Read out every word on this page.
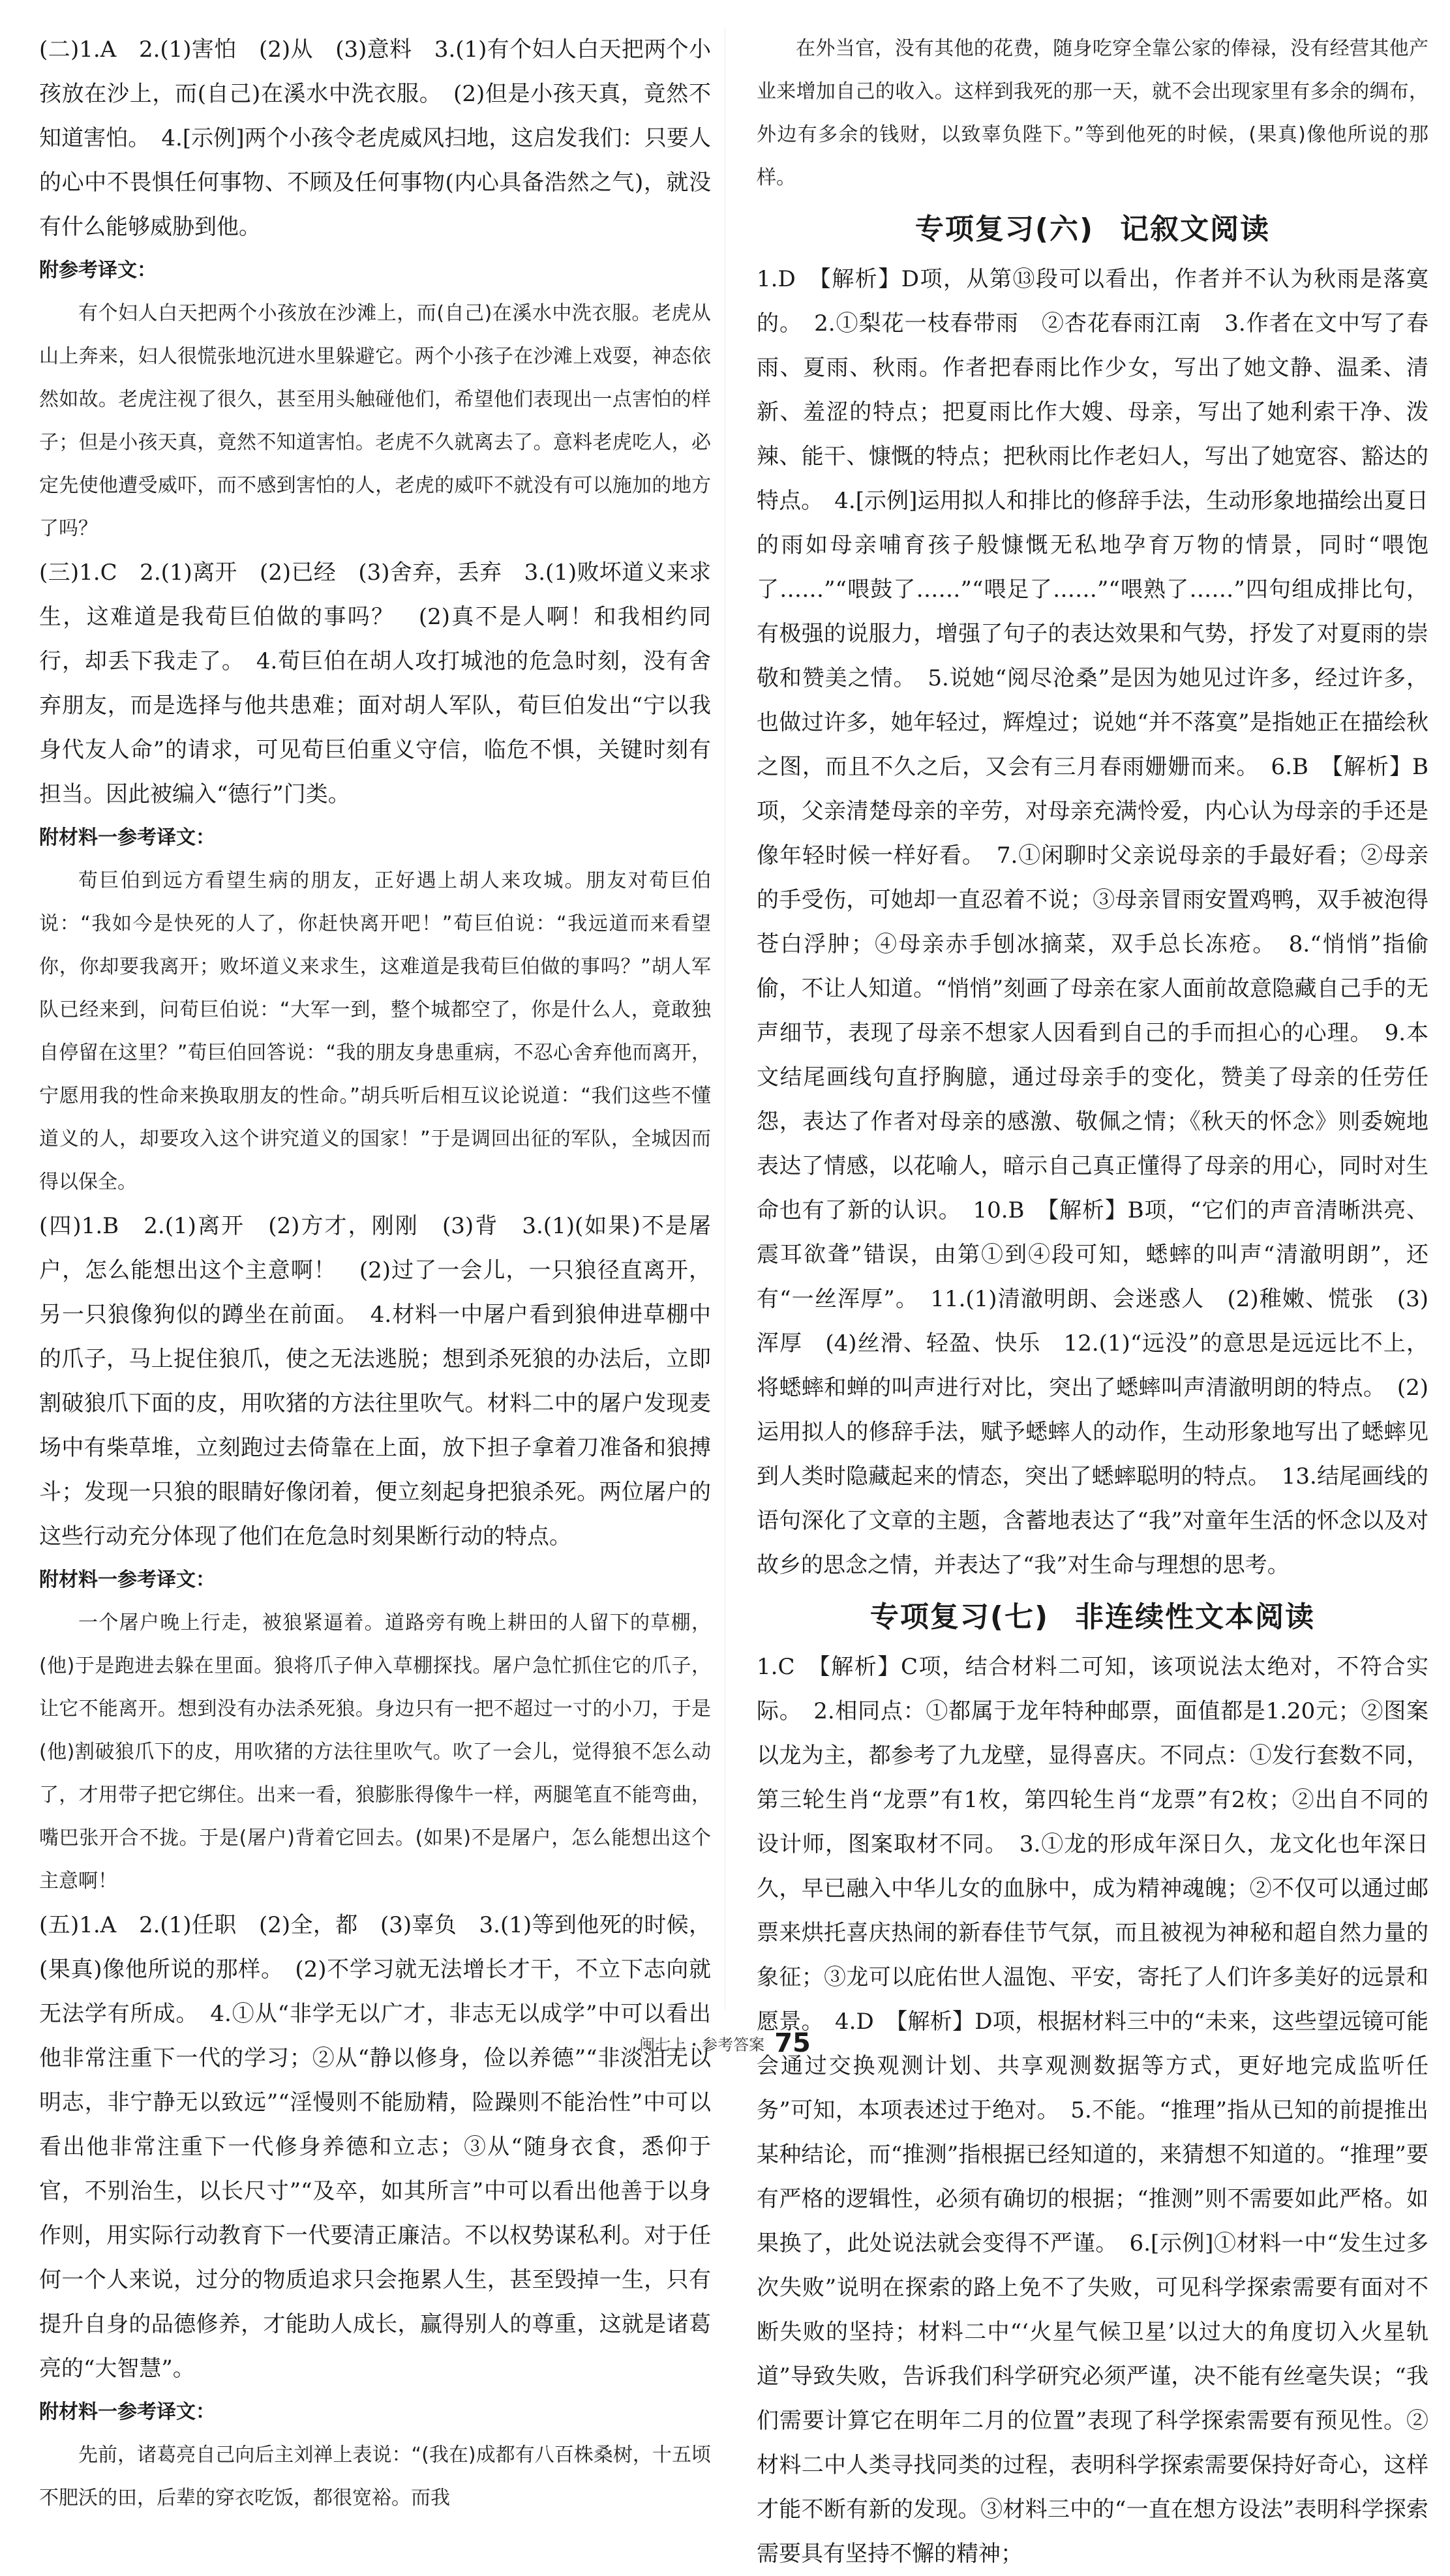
(二)1.A　2.(1)害怕　(2)从　(3)意料　3.(1)有个妇人白天把两个小孩放在沙上，而(自己)在溪水中洗衣服。　(2)但是小孩天真，竟然不知道害怕。　4.[示例]两个小孩令老虎威风扫地，这启发我们：只要人的心中不畏惧任何事物、不顾及任何事物(内心具备浩然之气)，就没有什么能够威胁到他。

附参考译文：

有个妇人白天把两个小孩放在沙滩上，而(自己)在溪水中洗衣服。老虎从山上奔来，妇人很慌张地沉进水里躲避它。两个小孩子在沙滩上戏耍，神态依然如故。老虎注视了很久，甚至用头触碰他们，希望他们表现出一点害怕的样子；但是小孩天真，竟然不知道害怕。老虎不久就离去了。意料老虎吃人，必定先使他遭受威吓，而不感到害怕的人，老虎的威吓不就没有可以施加的地方了吗？

(三)1.C　2.(1)离开　(2)已经　(3)舍弃，丢弃　3.(1)败坏道义来求生，这难道是我荀巨伯做的事吗？　(2)真不是人啊！和我相约同行，却丢下我走了。　4.荀巨伯在胡人攻打城池的危急时刻，没有舍弃朋友，而是选择与他共患难；面对胡人军队，荀巨伯发出“宁以我身代友人命”的请求，可见荀巨伯重义守信，临危不惧，关键时刻有担当。因此被编入“德行”门类。

附材料一参考译文：

荀巨伯到远方看望生病的朋友，正好遇上胡人来攻城。朋友对荀巨伯说：“我如今是快死的人了，你赶快离开吧！”荀巨伯说：“我远道而来看望你，你却要我离开；败坏道义来求生，这难道是我荀巨伯做的事吗？”胡人军队已经来到，问荀巨伯说：“大军一到，整个城都空了，你是什么人，竟敢独自停留在这里？”荀巨伯回答说：“我的朋友身患重病，不忍心舍弃他而离开，宁愿用我的性命来换取朋友的性命。”胡兵听后相互议论说道：“我们这些不懂道义的人，却要攻入这个讲究道义的国家！”于是调回出征的军队，全城因而得以保全。

(四)1.B　2.(1)离开　(2)方才，刚刚　(3)背　3.(1)(如果)不是屠户，怎么能想出这个主意啊！　(2)过了一会儿，一只狼径直离开，另一只狼像狗似的蹲坐在前面。　4.材料一中屠户看到狼伸进草棚中的爪子，马上捉住狼爪，使之无法逃脱；想到杀死狼的办法后，立即割破狼爪下面的皮，用吹猪的方法往里吹气。材料二中的屠户发现麦场中有柴草堆，立刻跑过去倚靠在上面，放下担子拿着刀准备和狼搏斗；发现一只狼的眼睛好像闭着，便立刻起身把狼杀死。两位屠户的这些行动充分体现了他们在危急时刻果断行动的特点。

附材料一参考译文：

一个屠户晚上行走，被狼紧逼着。道路旁有晚上耕田的人留下的草棚，(他)于是跑进去躲在里面。狼将爪子伸入草棚探找。屠户急忙抓住它的爪子，让它不能离开。想到没有办法杀死狼。身边只有一把不超过一寸的小刀，于是(他)割破狼爪下的皮，用吹猪的方法往里吹气。吹了一会儿，觉得狼不怎么动了，才用带子把它绑住。出来一看，狼膨胀得像牛一样，两腿笔直不能弯曲，嘴巴张开合不拢。于是(屠户)背着它回去。(如果)不是屠户，怎么能想出这个主意啊！

(五)1.A　2.(1)任职　(2)全，都　(3)辜负　3.(1)等到他死的时候，(果真)像他所说的那样。　(2)不学习就无法增长才干，不立下志向就无法学有所成。　4.①从“非学无以广才，非志无以成学”中可以看出他非常注重下一代的学习；②从“静以修身，俭以养德”“非淡泊无以明志，非宁静无以致远”“淫慢则不能励精，险躁则不能治性”中可以看出他非常注重下一代修身养德和立志；③从“随身衣食，悉仰于官，不别治生，以长尺寸”“及卒，如其所言”中可以看出他善于以身作则，用实际行动教育下一代要清正廉洁。不以权势谋私利。对于任何一个人来说，过分的物质追求只会拖累人生，甚至毁掉一生，只有提升自身的品德修养，才能助人成长，赢得别人的尊重，这就是诸葛亮的“大智慧”。

附材料一参考译文：

先前，诸葛亮自己向后主刘禅上表说：“(我在)成都有八百株桑树，十五顷不肥沃的田，后辈的穿衣吃饭，都很宽裕。而我

在外当官，没有其他的花费，随身吃穿全靠公家的俸禄，没有经营其他产业来增加自己的收入。这样到我死的那一天，就不会出现家里有多余的绸布，外边有多余的钱财，以致辜负陛下。”等到他死的时候，(果真)像他所说的那样。

专项复习(六) 记叙文阅读

1.D　【解析】D项，从第⑬段可以看出，作者并不认为秋雨是落寞的。　2.①梨花一枝春带雨　②杏花春雨江南　3.作者在文中写了春雨、夏雨、秋雨。作者把春雨比作少女，写出了她文静、温柔、清新、羞涩的特点；把夏雨比作大嫂、母亲，写出了她利索干净、泼辣、能干、慷慨的特点；把秋雨比作老妇人，写出了她宽容、豁达的特点。　4.[示例]运用拟人和排比的修辞手法，生动形象地描绘出夏日的雨如母亲哺育孩子般慷慨无私地孕育万物的情景，同时“喂饱了……”“喂鼓了……”“喂足了……”“喂熟了……”四句组成排比句，有极强的说服力，增强了句子的表达效果和气势，抒发了对夏雨的崇敬和赞美之情。　5.说她“阅尽沧桑”是因为她见过许多，经过许多，也做过许多，她年轻过，辉煌过；说她“并不落寞”是指她正在描绘秋之图，而且不久之后，又会有三月春雨姗姗而来。　6.B　【解析】B项，父亲清楚母亲的辛劳，对母亲充满怜爱，内心认为母亲的手还是像年轻时候一样好看。　7.①闲聊时父亲说母亲的手最好看；②母亲的手受伤，可她却一直忍着不说；③母亲冒雨安置鸡鸭，双手被泡得苍白浮肿；④母亲赤手刨冰摘菜，双手总长冻疮。　8.“悄悄”指偷偷，不让人知道。“悄悄”刻画了母亲在家人面前故意隐藏自己手的无声细节，表现了母亲不想家人因看到自己的手而担心的心理。　9.本文结尾画线句直抒胸臆，通过母亲手的变化，赞美了母亲的任劳任怨，表达了作者对母亲的感激、敬佩之情；《秋天的怀念》则委婉地表达了情感，以花喻人，暗示自己真正懂得了母亲的用心，同时对生命也有了新的认识。　10.B　【解析】B项，“它们的声音清晰洪亮、震耳欲聋”错误，由第①到④段可知，蟋蟀的叫声“清澈明朗”，还有“一丝浑厚”。　11.(1)清澈明朗、会迷惑人　(2)稚嫩、慌张　(3)浑厚　(4)丝滑、轻盈、快乐　12.(1)“远没”的意思是远远比不上，将蟋蟀和蝉的叫声进行对比，突出了蟋蟀叫声清澈明朗的特点。　(2)运用拟人的修辞手法，赋予蟋蟀人的动作，生动形象地写出了蟋蟀见到人类时隐藏起来的情态，突出了蟋蟀聪明的特点。　13.结尾画线的语句深化了文章的主题，含蓄地表达了“我”对童年生活的怀念以及对故乡的思念之情，并表达了“我”对生命与理想的思考。

专项复习(七) 非连续性文本阅读

1.C　【解析】C项，结合材料二可知，该项说法太绝对，不符合实际。　2.相同点：①都属于龙年特种邮票，面值都是1.20元；②图案以龙为主，都参考了九龙壁，显得喜庆。不同点：①发行套数不同，第三轮生肖“龙票”有1枚，第四轮生肖“龙票”有2枚；②出自不同的设计师，图案取材不同。　3.①龙的形成年深日久，龙文化也年深日久，早已融入中华儿女的血脉中，成为精神魂魄；②不仅可以通过邮票来烘托喜庆热闹的新春佳节气氛，而且被视为神秘和超自然力量的象征；③龙可以庇佑世人温饱、平安，寄托了人们许多美好的远景和愿景。　4.D　【解析】D项，根据材料三中的“未来，这些望远镜可能会通过交换观测计划、共享观测数据等方式，更好地完成监听任务”可知，本项表述过于绝对。　5.不能。“推理”指从已知的前提推出某种结论，而“推测”指根据已经知道的，来猜想不知道的。“推理”要有严格的逻辑性，必须有确切的根据；“推测”则不需要如此严格。如果换了，此处说法就会变得不严谨。　6.[示例]①材料一中“发生过多次失败”说明在探索的路上免不了失败，可见科学探索需要有面对不断失败的坚持；材料二中“‘火星气候卫星’以过大的角度切入火星轨道”导致失败，告诉我们科学研究必须严谨，决不能有丝毫失误；“我们需要计算它在明年二月的位置”表现了科学探索需要有预见性。②材料二中人类寻找同类的过程，表明科学探索需要保持好奇心，这样才能不断有新的发现。③材料三中的“一直在想方设法”表明科学探索需要具有坚持不懈的精神；

闽七上・参考答案 75
